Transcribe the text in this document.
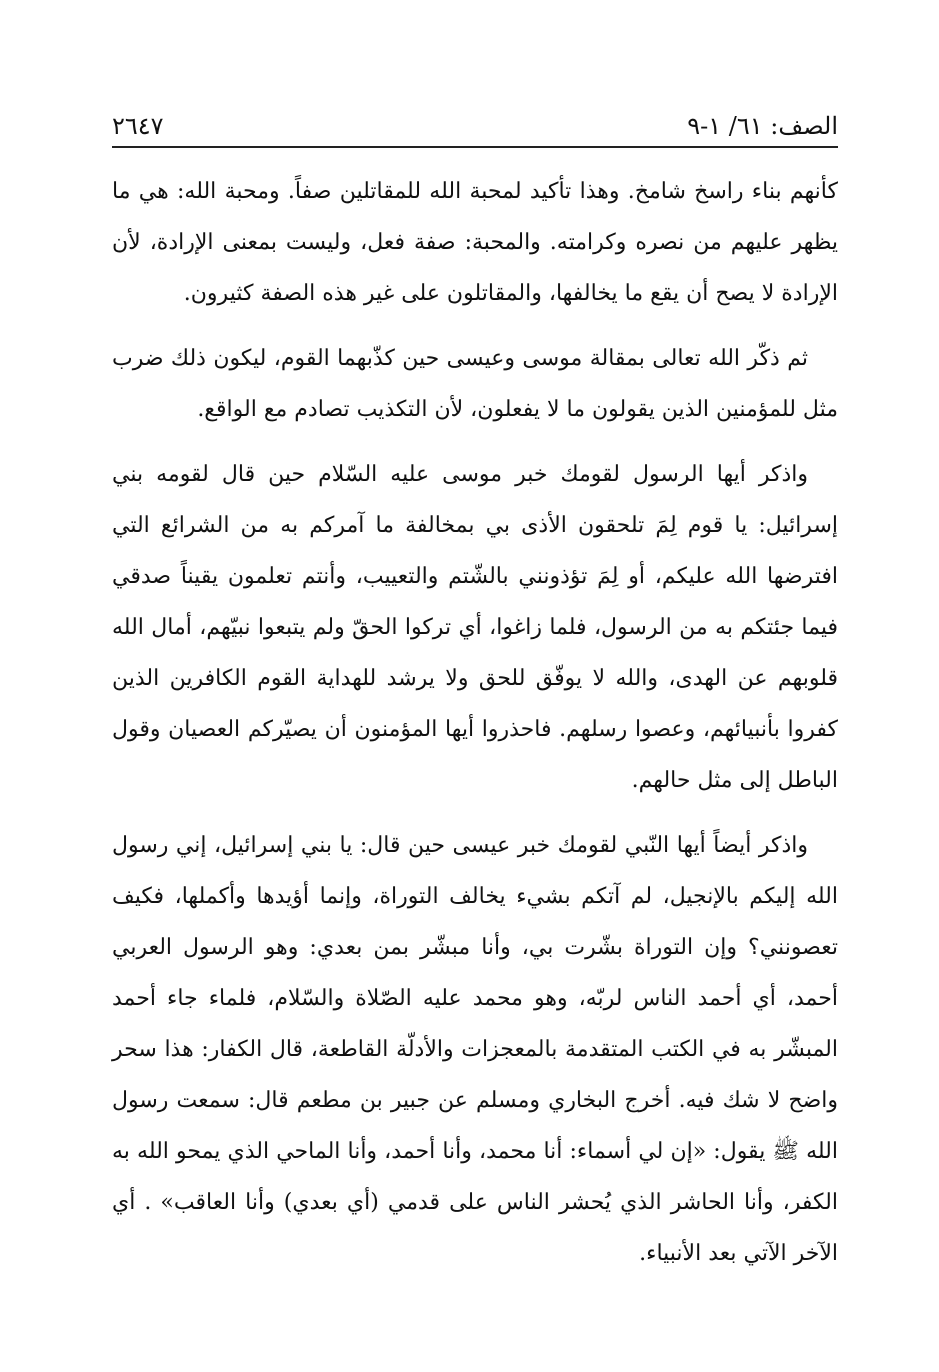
الصف: ٦١/ ١-٩
٢٦٤٧

كأنهم بناء راسخ شامخ. وهذا تأكيد لمحبة الله للمقاتلين صفاً. ومحبة الله: هي ما يظهر عليهم من نصره وكرامته. والمحبة: صفة فعل، وليست بمعنى الإرادة، لأن الإرادة لا يصح أن يقع ما يخالفها، والمقاتلون على غير هذه الصفة كثيرون.

ثم ذكّر الله تعالى بمقالة موسى وعيسى حين كذّبهما القوم، ليكون ذلك ضرب مثل للمؤمنين الذين يقولون ما لا يفعلون، لأن التكذيب تصادم مع الواقع.

واذكر أيها الرسول لقومك خبر موسى عليه السّلام حين قال لقومه بني إسرائيل: يا قوم لِمَ تلحقون الأذى بي بمخالفة ما آمركم به من الشرائع التي افترضها الله عليكم، أو لِمَ تؤذونني بالشّتم والتعييب، وأنتم تعلمون يقيناً صدقي فيما جئتكم به من الرسول، فلما زاغوا، أي تركوا الحقّ ولم يتبعوا نبيّهم، أمال الله قلوبهم عن الهدى، والله لا يوفّق للحق ولا يرشد للهداية القوم الكافرين الذين كفروا بأنبيائهم، وعصوا رسلهم. فاحذروا أيها المؤمنون أن يصيّركم العصيان وقول الباطل إلى مثل حالهم.

واذكر أيضاً أيها النّبي لقومك خبر عيسى حين قال: يا بني إسرائيل، إني رسول الله إليكم بالإنجيل، لم آتكم بشيء يخالف التوراة، وإنما أؤيدها وأكملها، فكيف تعصونني؟ وإن التوراة بشّرت بي، وأنا مبشّر بمن بعدي: وهو الرسول العربي أحمد، أي أحمد الناس لربّه، وهو محمد عليه الصّلاة والسّلام، فلماء جاء أحمد المبشّر به في الكتب المتقدمة بالمعجزات والأدلّة القاطعة، قال الكفار: هذا سحر واضح لا شك فيه. أخرج البخاري ومسلم عن جبير بن مطعم قال: سمعت رسول الله ﷺ يقول: «إن لي أسماء: أنا محمد، وأنا أحمد، وأنا الماحي الذي يمحو الله به الكفر، وأنا الحاشر الذي يُحشر الناس على قدمي (أي بعدي) وأنا العاقب» . أي الآخر الآتي بعد الأنبياء.
